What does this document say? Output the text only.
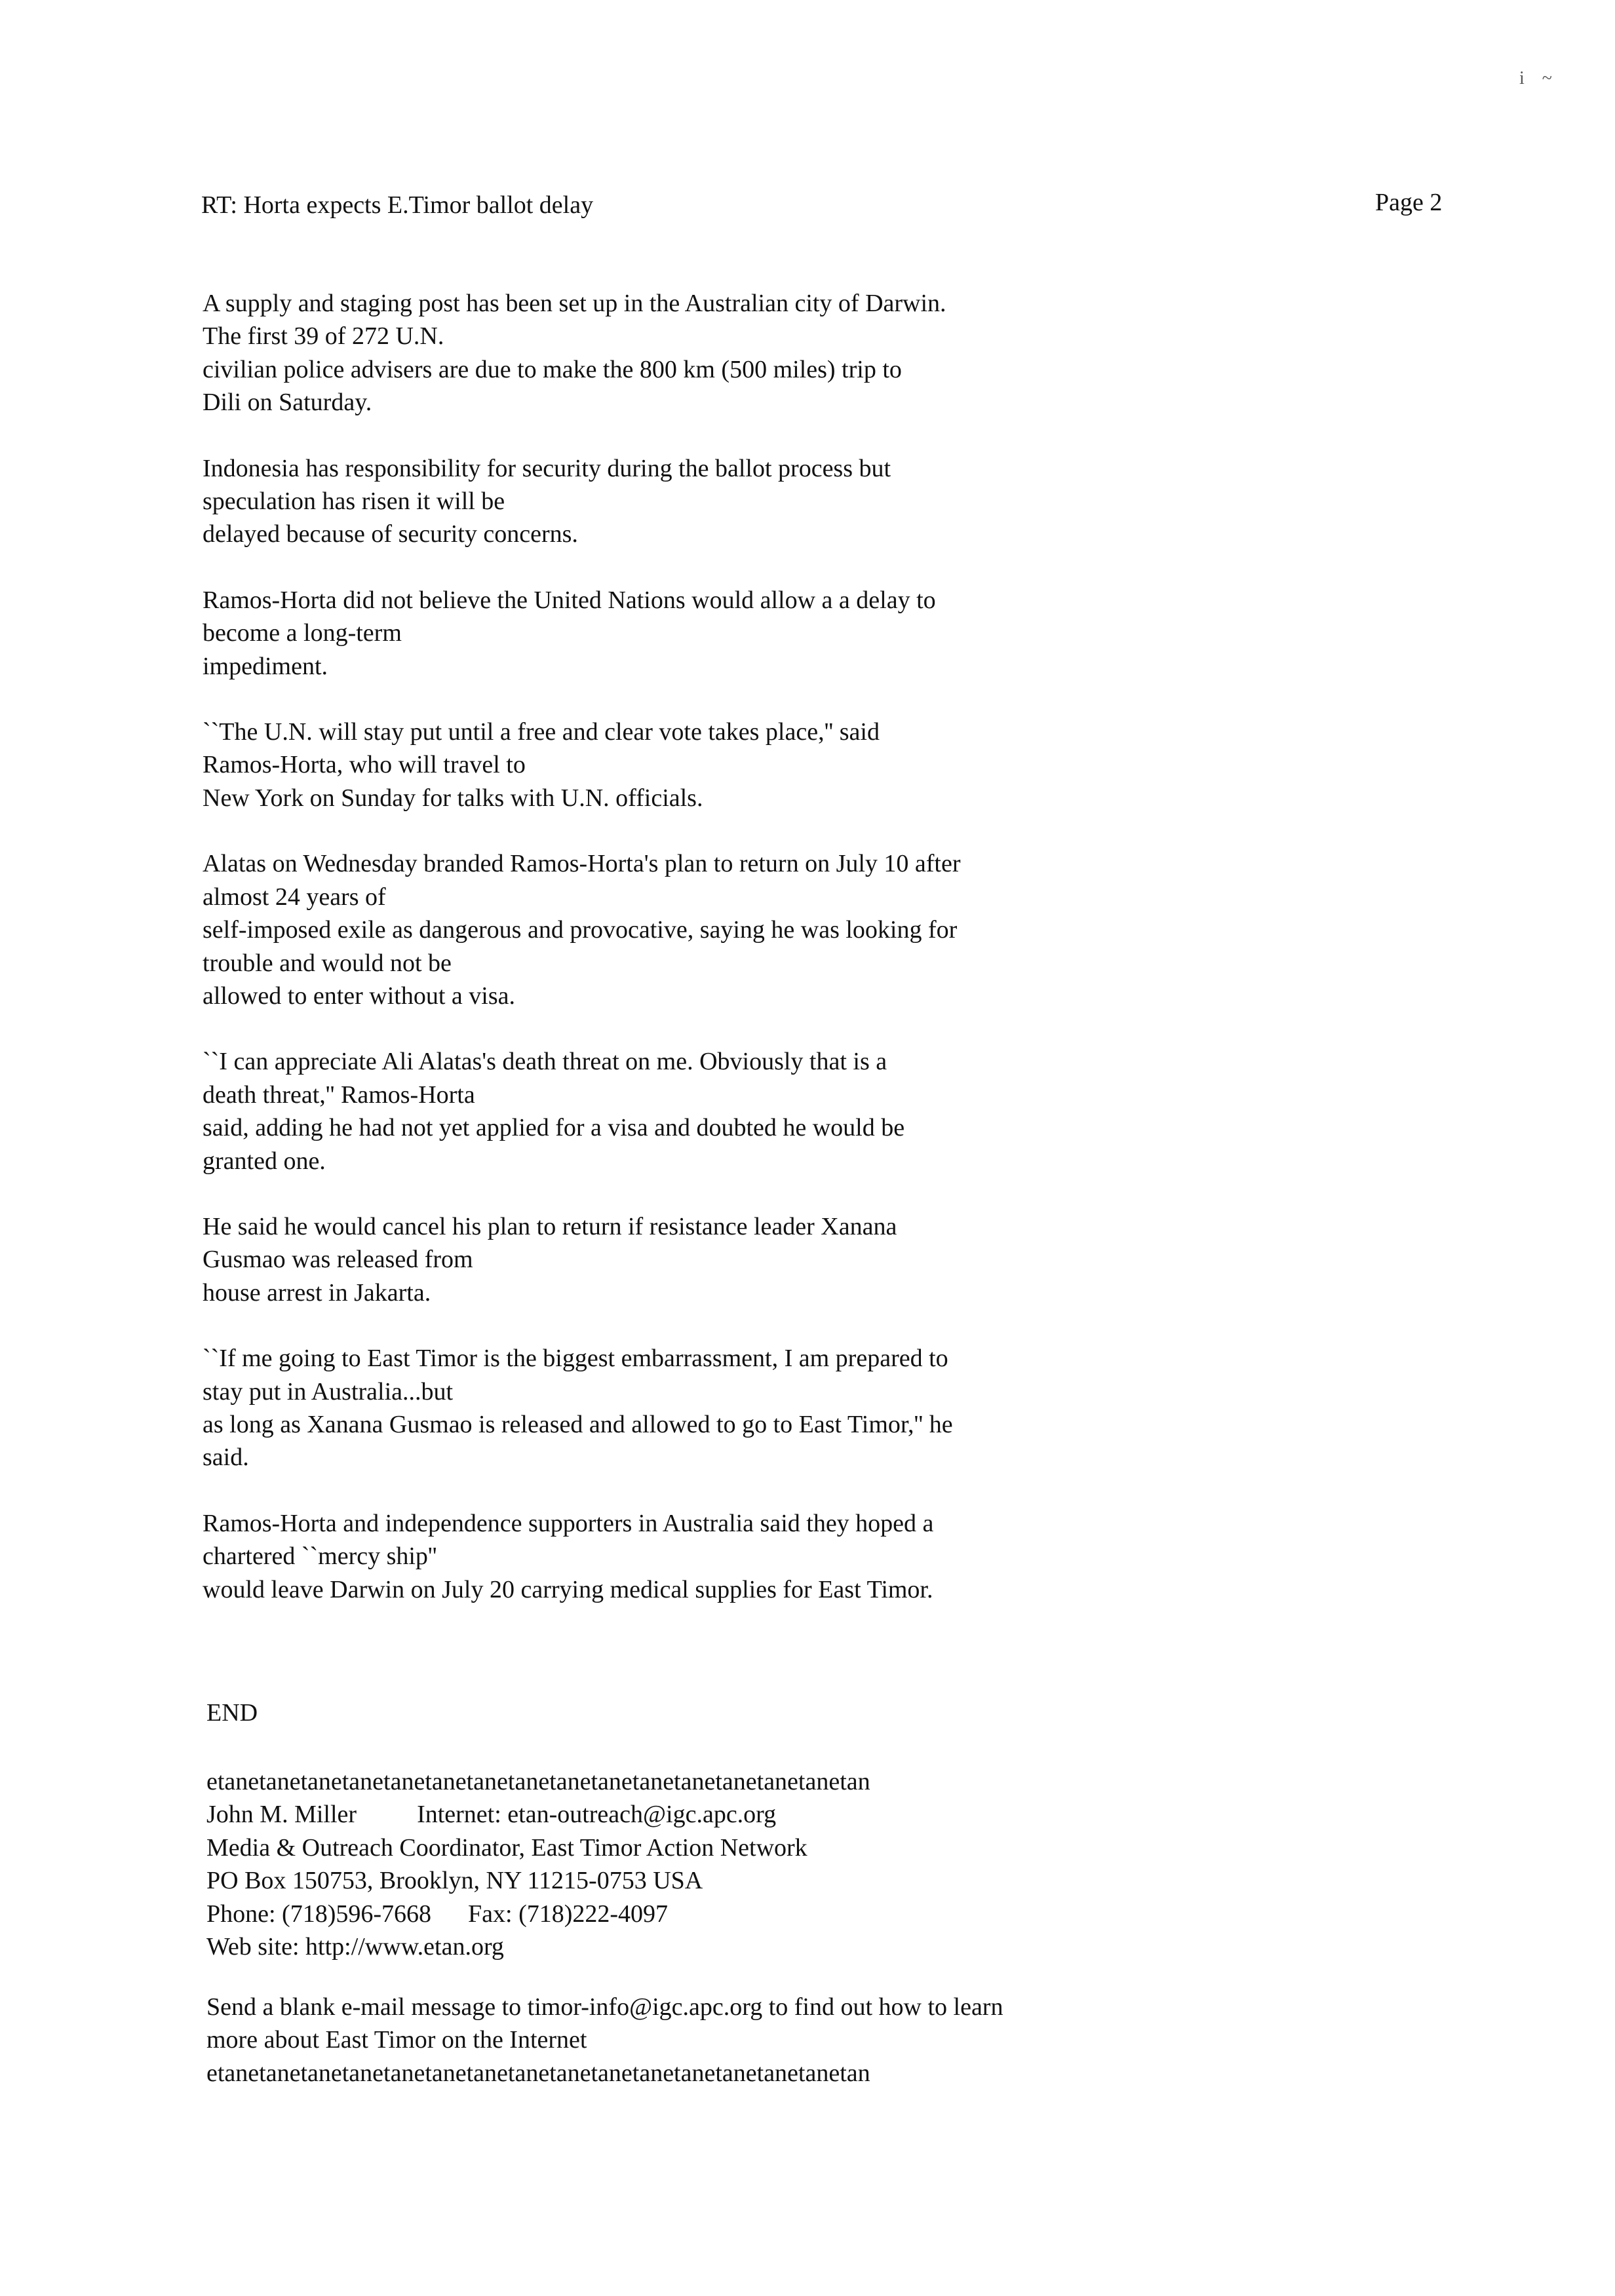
i ~
RT: Horta expects E.Timor ballot delay	Page 2
A supply and staging post has been set up in the Australian city of Darwin.
The first 39 of 272 U.N.
civilian police advisers are due to make the 800 km (500 miles) trip to
Dili on Saturday.
Indonesia has responsibility for security during the ballot process but
speculation has risen it will be
delayed because of security concerns.
Ramos-Horta did not believe the United Nations would allow a a delay to
become a long-term
impediment.
``The U.N. will stay put until a free and clear vote takes place,'' said
Ramos-Horta, who will travel to
New York on Sunday for talks with U.N. officials.
Alatas on Wednesday branded Ramos-Horta's plan to return on July 10 after
almost 24 years of
self-imposed exile as dangerous and provocative, saying he was looking for
trouble and would not be
allowed to enter without a visa.
``I can appreciate Ali Alatas's death threat on me. Obviously that is a
death threat,'' Ramos-Horta
said, adding he had not yet applied for a visa and doubted he would be
granted one.
He said he would cancel his plan to return if resistance leader Xanana
Gusmao was released from
house arrest in Jakarta.
``If me going to East Timor is the biggest embarrassment, I am prepared to
stay put in Australia...but
as long as Xanana Gusmao is released and allowed to go to East Timor,'' he
said.
Ramos-Horta and independence supporters in Australia said they hoped a
chartered ``mercy ship''
would leave Darwin on July 20 carrying medical supplies for East Timor.
END
etanetanetanetanetanetanetanetanetanetanetanetanetanetanetanetan
John M. Miller Internet: etan-outreach@igc.apc.org
Media & Outreach Coordinator, East Timor Action Network
PO Box 150753, Brooklyn, NY 11215-0753 USA
Phone: (718)596-7668 Fax: (718)222-4097
Web site: http://www.etan.org
Send a blank e-mail message to timor-info@igc.apc.org to find out how to learn
more about East Timor on the Internet
etanetanetanetanetanetanetanetanetanetanetanetanetanetanetanetan
